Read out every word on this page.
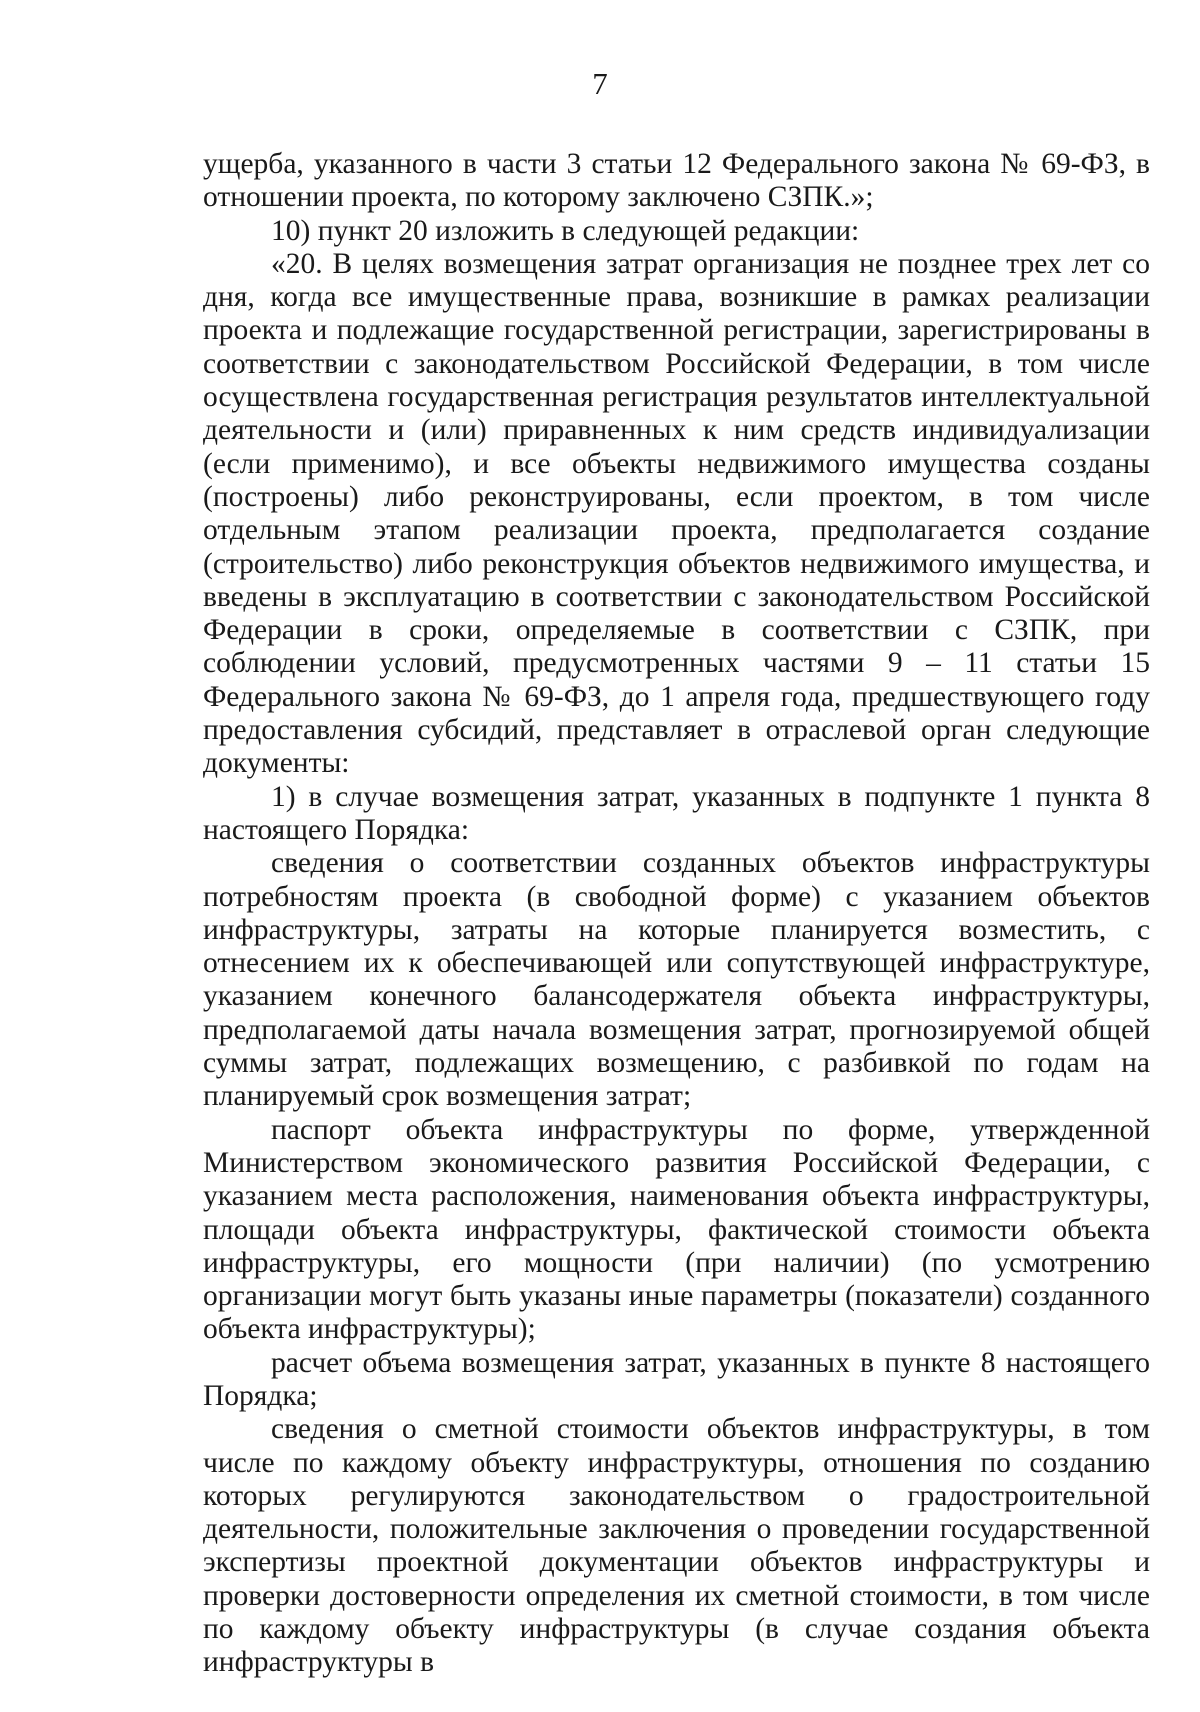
7

ущерба, указанного в части 3 статьи 12 Федерального закона № 69-ФЗ, в отношении проекта, по которому заключено СЗПК.»;

10) пункт 20 изложить в следующей редакции:

«20. В целях возмещения затрат организация не позднее трех лет со дня, когда все имущественные права, возникшие в рамках реализации проекта и подлежащие государственной регистрации, зарегистрированы в соответствии с законодательством Российской Федерации, в том числе осуществлена государственная регистрация результатов интеллектуальной деятельности и (или) приравненных к ним средств индивидуализации (если применимо), и все объекты недвижимого имущества созданы (построены) либо реконструированы, если проектом, в том числе отдельным этапом реализации проекта, предполагается создание (строительство) либо реконструкция объектов недвижимого имущества, и введены в эксплуатацию в соответствии с законодательством Российской Федерации в сроки, определяемые в соответствии с СЗПК, при соблюдении условий, предусмотренных частями 9 – 11 статьи 15 Федерального закона № 69-ФЗ, до 1 апреля года, предшествующего году предоставления субсидий, представляет в отраслевой орган следующие документы:

1) в случае возмещения затрат, указанных в подпункте 1 пункта 8 настоящего Порядка:

сведения о соответствии созданных объектов инфраструктуры потребностям проекта (в свободной форме) с указанием объектов инфраструктуры, затраты на которые планируется возместить, с отнесением их к обеспечивающей или сопутствующей инфраструктуре, указанием конечного балансодержателя объекта инфраструктуры, предполагаемой даты начала возмещения затрат, прогнозируемой общей суммы затрат, подлежащих возмещению, с разбивкой по годам на планируемый срок возмещения затрат;

паспорт объекта инфраструктуры по форме, утвержденной Министерством экономического развития Российской Федерации, с указанием места расположения, наименования объекта инфраструктуры, площади объекта инфраструктуры, фактической стоимости объекта инфраструктуры, его мощности (при наличии) (по усмотрению организации могут быть указаны иные параметры (показатели) созданного объекта инфраструктуры);

расчет объема возмещения затрат, указанных в пункте 8 настоящего Порядка;

сведения о сметной стоимости объектов инфраструктуры, в том числе по каждому объекту инфраструктуры, отношения по созданию которых регулируются законодательством о градостроительной деятельности, положительные заключения о проведении государственной экспертизы проектной документации объектов инфраструктуры и проверки достоверности определения их сметной стоимости, в том числе по каждому объекту инфраструктуры (в случае создания объекта инфраструктуры в
